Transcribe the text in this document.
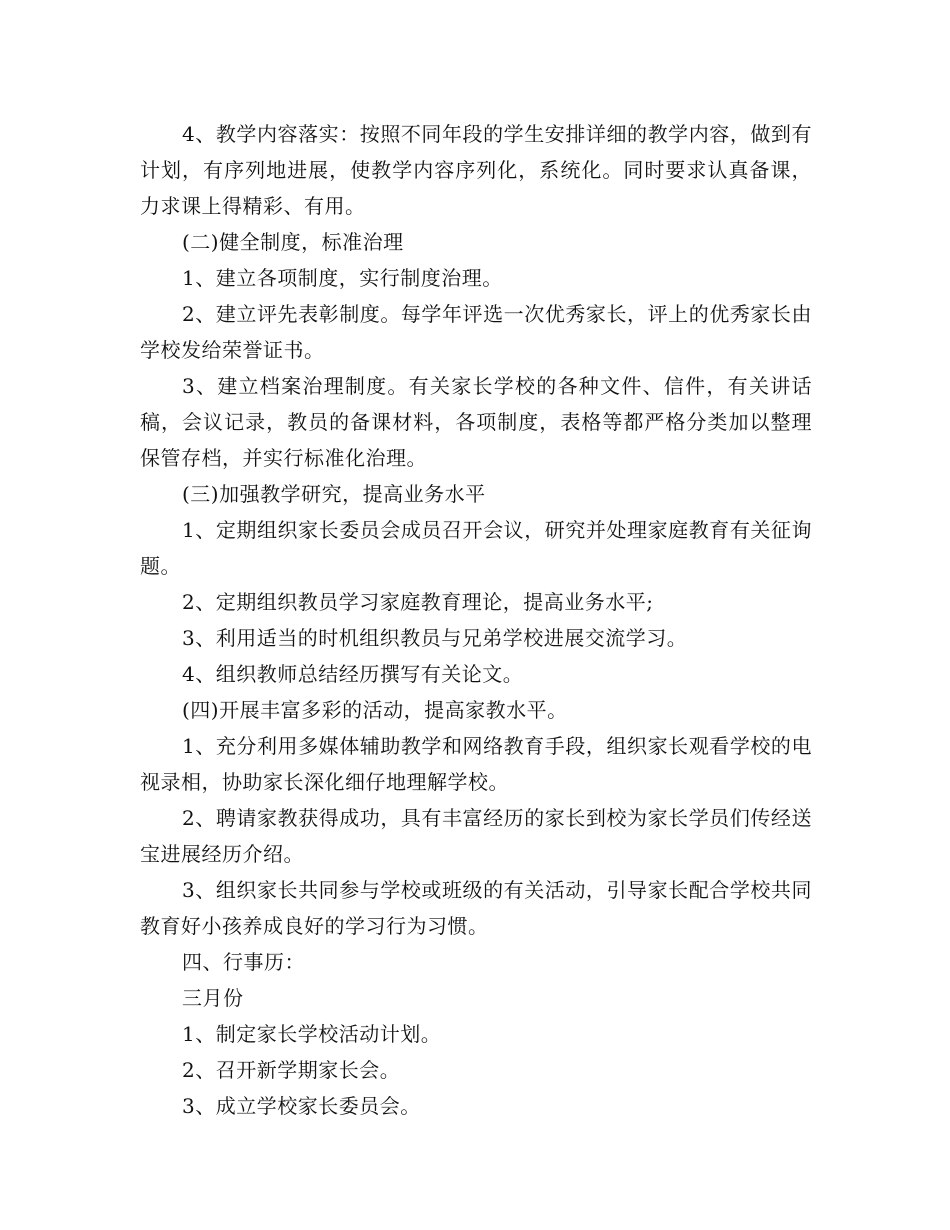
4、教学内容落实：按照不同年段的学生安排详细的教学内容，做到有计划，有序列地进展，使教学内容序列化，系统化。同时要求认真备课，力求课上得精彩、有用。

(二)健全制度，标准治理

1、建立各项制度，实行制度治理。

2、建立评先表彰制度。每学年评选一次优秀家长，评上的优秀家长由学校发给荣誉证书。

3、建立档案治理制度。有关家长学校的各种文件、信件，有关讲话稿，会议记录，教员的备课材料，各项制度，表格等都严格分类加以整理保管存档，并实行标准化治理。

(三)加强教学研究，提高业务水平

1、定期组织家长委员会成员召开会议，研究并处理家庭教育有关征询题。

2、定期组织教员学习家庭教育理论，提高业务水平;

3、利用适当的时机组织教员与兄弟学校进展交流学习。

4、组织教师总结经历撰写有关论文。

(四)开展丰富多彩的活动，提高家教水平。

1、充分利用多媒体辅助教学和网络教育手段，组织家长观看学校的电视录相，协助家长深化细仔地理解学校。

2、聘请家教获得成功，具有丰富经历的家长到校为家长学员们传经送宝进展经历介绍。

3、组织家长共同参与学校或班级的有关活动，引导家长配合学校共同教育好小孩养成良好的学习行为习惯。

四、行事历：

三月份

1、制定家长学校活动计划。

2、召开新学期家长会。

3、成立学校家长委员会。
